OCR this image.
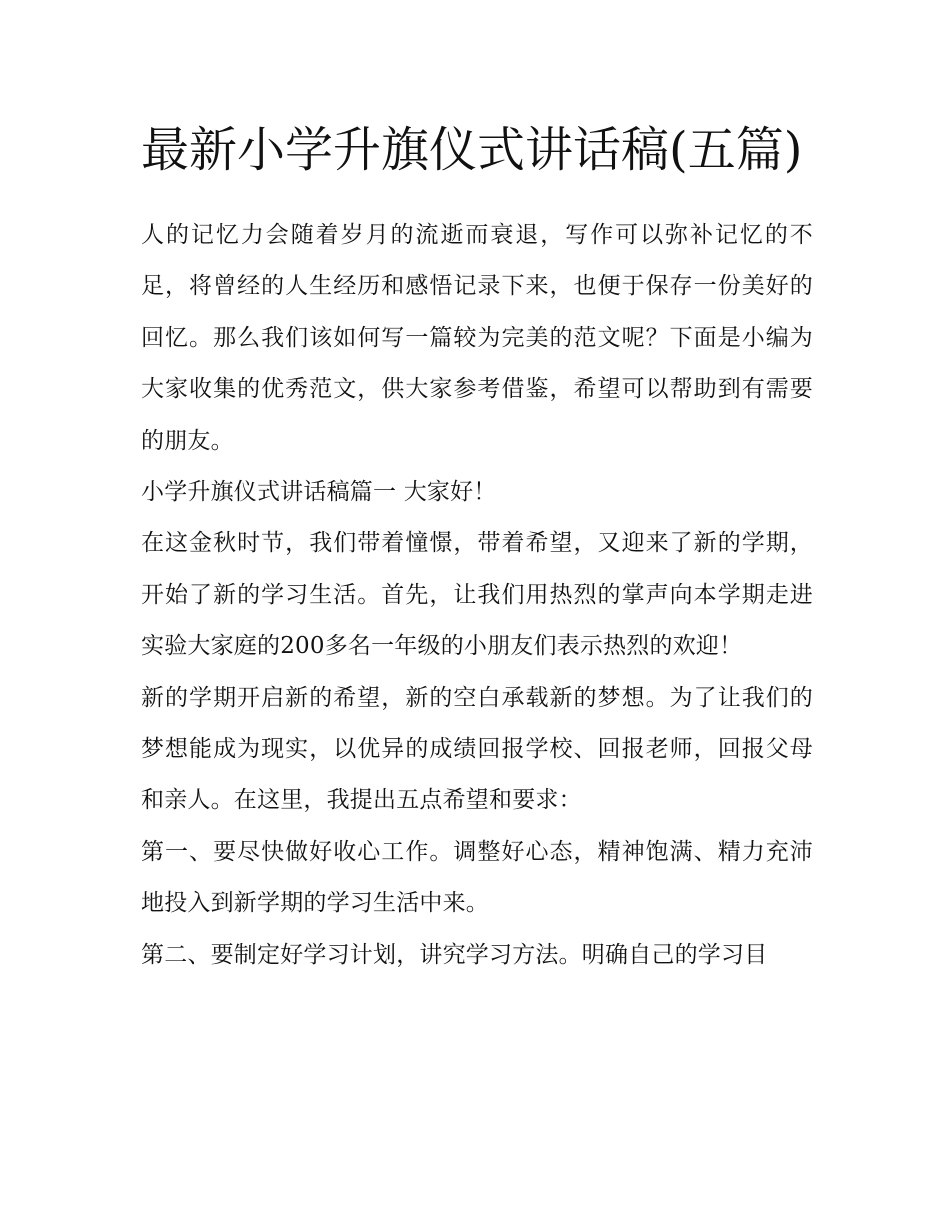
最新小学升旗仪式讲话稿(五篇)

人的记忆力会随着岁月的流逝而衰退，写作可以弥补记忆的不足，将曾经的人生经历和感悟记录下来，也便于保存一份美好的回忆。那么我们该如何写一篇较为完美的范文呢？下面是小编为大家收集的优秀范文，供大家参考借鉴，希望可以帮助到有需要的朋友。

小学升旗仪式讲话稿篇一 大家好！

在这金秋时节，我们带着憧憬，带着希望，又迎来了新的学期，开始了新的学习生活。首先，让我们用热烈的掌声向本学期走进实验大家庭的200多名一年级的小朋友们表示热烈的欢迎！

新的学期开启新的希望，新的空白承载新的梦想。为了让我们的梦想能成为现实，以优异的成绩回报学校、回报老师，回报父母和亲人。在这里，我提出五点希望和要求：

第一、要尽快做好收心工作。调整好心态，精神饱满、精力充沛地投入到新学期的学习生活中来。

第二、要制定好学习计划，讲究学习方法。明确自己的学习目
